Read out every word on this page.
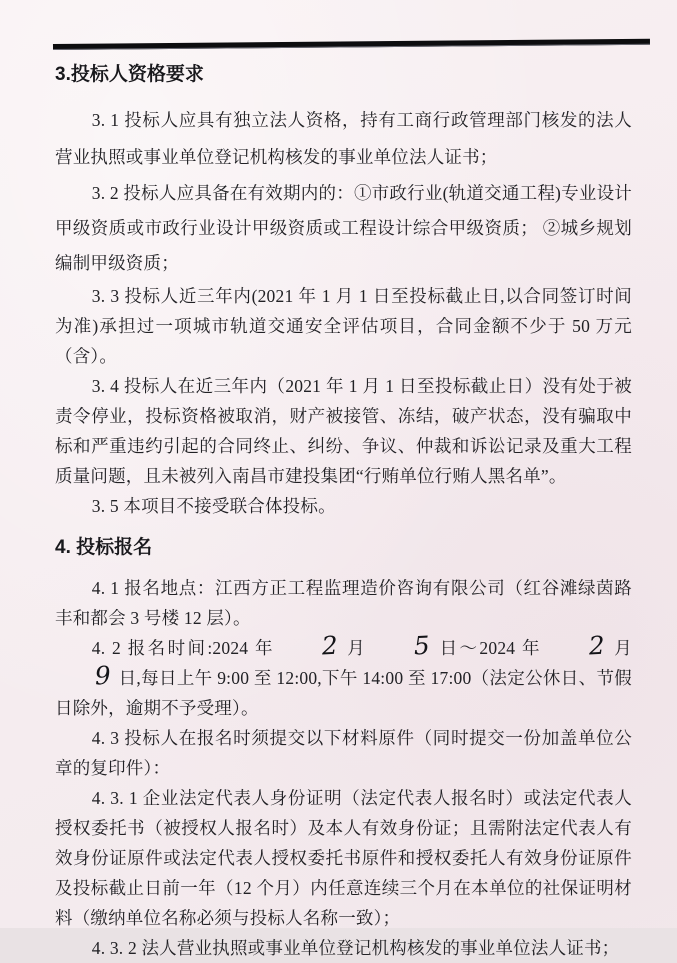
3.投标人资格要求

3. 1 投标人应具有独立法人资格，持有工商行政管理部门核发的法人营业执照或事业单位登记机构核发的事业单位法人证书；

3. 2 投标人应具备在有效期内的：①市政行业(轨道交通工程)专业设计甲级资质或市政行业设计甲级资质或工程设计综合甲级资质； ②城乡规划编制甲级资质；

3. 3 投标人近三年内(2021 年 1 月 1 日至投标截止日,以合同签订时间为准)承担过一项城市轨道交通安全评估项目，合同金额不少于 50 万元（含）。

3. 4 投标人在近三年内（2021 年 1 月 1 日至投标截止日）没有处于被责令停业，投标资格被取消，财产被接管、冻结，破产状态，没有骗取中标和严重违约引起的合同终止、纠纷、争议、仲裁和诉讼记录及重大工程质量问题，且未被列入南昌市建投集团“行贿单位行贿人黑名单”。

3. 5 本项目不接受联合体投标。

4. 投标报名

4. 1 报名地点：江西方正工程监理造价咨询有限公司（红谷滩绿茵路丰和都会 3 号楼 12 层）。

4. 2 报名时间:2024 年 2 月 5 日～2024 年 2 月 9 日,每日上午 9:00 至 12:00,下午 14:00 至 17:00（法定公休日、节假日除外，逾期不予受理）。

4. 3 投标人在报名时须提交以下材料原件（同时提交一份加盖单位公章的复印件）：

4. 3. 1 企业法定代表人身份证明（法定代表人报名时）或法定代表人授权委托书（被授权人报名时）及本人有效身份证；且需附法定代表人有效身份证原件或法定代表人授权委托书原件和授权委托人有效身份证原件及投标截止日前一年（12 个月）内任意连续三个月在本单位的社保证明材料（缴纳单位名称必须与投标人名称一致）；

4. 3. 2 法人营业执照或事业单位登记机构核发的事业单位法人证书；
